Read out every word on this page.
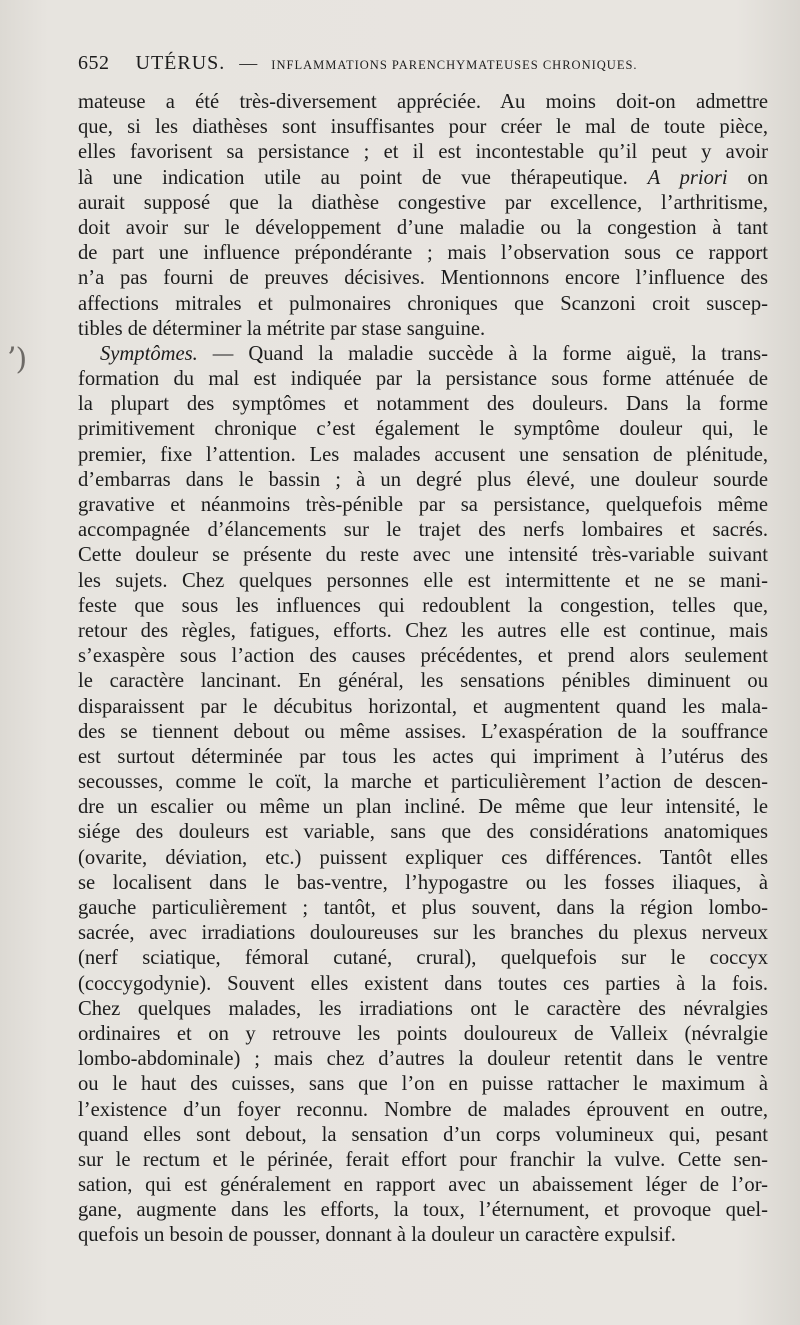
652 UTÉRUS. — INFLAMMATIONS PARENCHYMATEUSES CHRONIQUES.
ʼ)
mateuse a été très-diversement appréciée. Au moins doit-on admettre
que, si les diathèses sont insuffisantes pour créer le mal de toute pièce,
elles favorisent sa persistance ; et il est incontestable qu’il peut y avoir
là une indication utile au point de vue thérapeutique. A priori on
aurait supposé que la diathèse congestive par excellence, l’arthritisme,
doit avoir sur le développement d’une maladie ou la congestion à tant
de part une influence prépondérante ; mais l’observation sous ce rapport
n’a pas fourni de preuves décisives. Mentionnons encore l’influence des
affections mitrales et pulmonaires chroniques que Scanzoni croit suscep-
tibles de déterminer la métrite par stase sanguine.
Symptômes. — Quand la maladie succède à la forme aiguë, la trans-
formation du mal est indiquée par la persistance sous forme atténuée de
la plupart des symptômes et notamment des douleurs. Dans la forme
primitivement chronique c’est également le symptôme douleur qui, le
premier, fixe l’attention. Les malades accusent une sensation de plénitude,
d’embarras dans le bassin ; à un degré plus élevé, une douleur sourde
gravative et néanmoins très-pénible par sa persistance, quelquefois même
accompagnée d’élancements sur le trajet des nerfs lombaires et sacrés.
Cette douleur se présente du reste avec une intensité très-variable suivant
les sujets. Chez quelques personnes elle est intermittente et ne se mani-
feste que sous les influences qui redoublent la congestion, telles que,
retour des règles, fatigues, efforts. Chez les autres elle est continue, mais
s’exaspère sous l’action des causes précédentes, et prend alors seulement
le caractère lancinant. En général, les sensations pénibles diminuent ou
disparaissent par le décubitus horizontal, et augmentent quand les mala-
des se tiennent debout ou même assises. L’exaspération de la souffrance
est surtout déterminée par tous les actes qui impriment à l’utérus des
secousses, comme le coït, la marche et particulièrement l’action de descen-
dre un escalier ou même un plan incliné. De même que leur intensité, le
siége des douleurs est variable, sans que des considérations anatomiques
(ovarite, déviation, etc.) puissent expliquer ces différences. Tantôt elles
se localisent dans le bas-ventre, l’hypogastre ou les fosses iliaques, à
gauche particulièrement ; tantôt, et plus souvent, dans la région lombo-
sacrée, avec irradiations douloureuses sur les branches du plexus nerveux
(nerf sciatique, fémoral cutané, crural), quelquefois sur le coccyx
(coccygodynie). Souvent elles existent dans toutes ces parties à la fois.
Chez quelques malades, les irradiations ont le caractère des névralgies
ordinaires et on y retrouve les points douloureux de Valleix (névralgie
lombo-abdominale) ; mais chez d’autres la douleur retentit dans le ventre
ou le haut des cuisses, sans que l’on en puisse rattacher le maximum à
l’existence d’un foyer reconnu. Nombre de malades éprouvent en outre,
quand elles sont debout, la sensation d’un corps volumineux qui, pesant
sur le rectum et le périnée, ferait effort pour franchir la vulve. Cette sen-
sation, qui est généralement en rapport avec un abaissement léger de l’or-
gane, augmente dans les efforts, la toux, l’éternument, et provoque quel-
quefois un besoin de pousser, donnant à la douleur un caractère expulsif.
